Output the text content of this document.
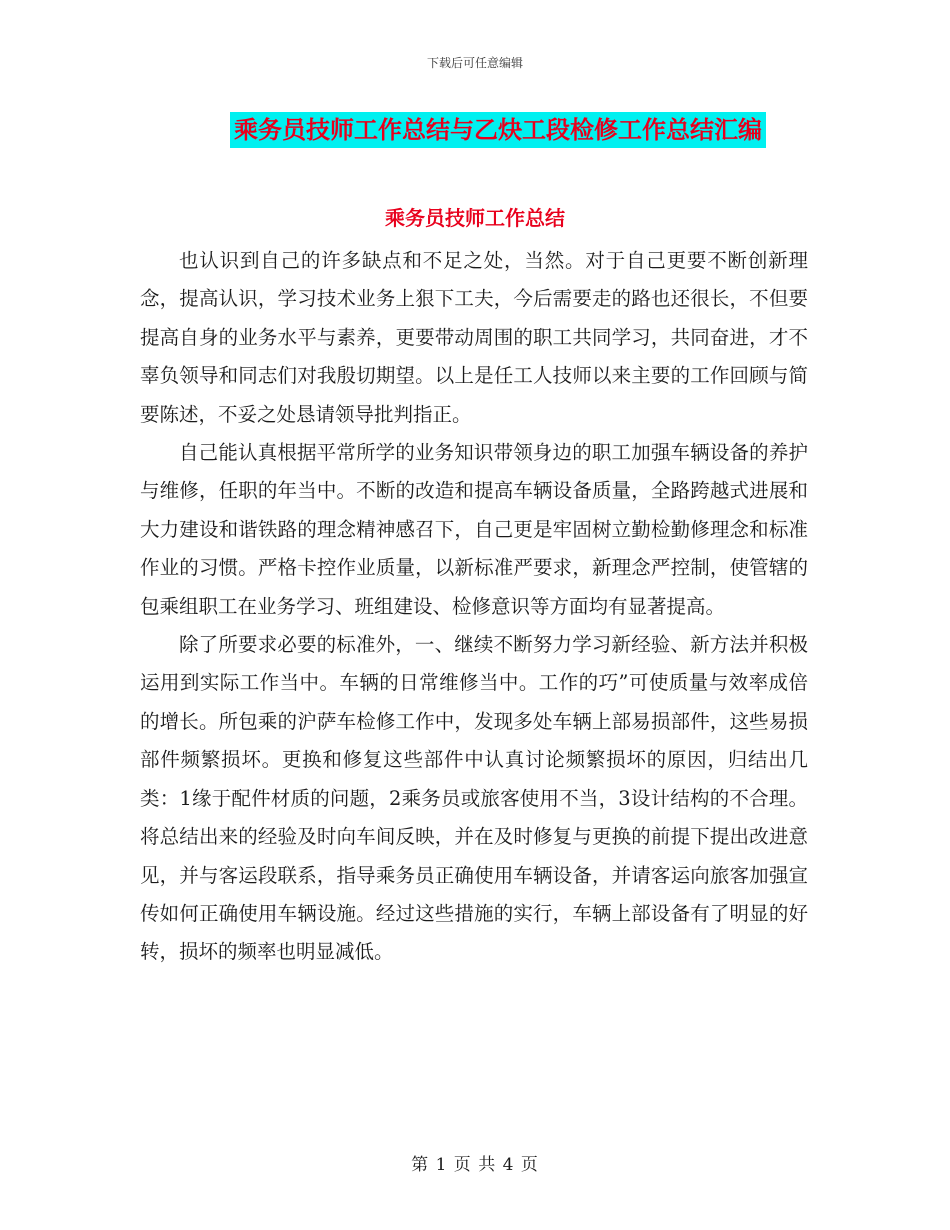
下载后可任意编辑
乘务员技师工作总结与乙炔工段检修工作总结汇编
乘务员技师工作总结

也认识到自己的许多缺点和不足之处，当然。对于自己更要不断创新理念，提高认识，学习技术业务上狠下工夫，今后需要走的路也还很长，不但要提高自身的业务水平与素养，更要带动周围的职工共同学习，共同奋进，才不辜负领导和同志们对我殷切期望。以上是任工人技师以来主要的工作回顾与简要陈述，不妥之处恳请领导批判指正。

自己能认真根据平常所学的业务知识带领身边的职工加强车辆设备的养护与维修，任职的年当中。不断的改造和提高车辆设备质量，全路跨越式进展和大力建设和谐铁路的理念精神感召下，自己更是牢固树立勤检勤修理念和标准作业的习惯。严格卡控作业质量，以新标准严要求，新理念严控制，使管辖的包乘组职工在业务学习、班组建设、检修意识等方面均有显著提高。

除了所要求必要的标准外，一、继续不断努力学习新经验、新方法并积极运用到实际工作当中。车辆的日常维修当中。工作的巧”可使质量与效率成倍的增长。所包乘的沪萨车检修工作中，发现多处车辆上部易损部件，这些易损部件频繁损坏。更换和修复这些部件中认真讨论频繁损坏的原因，归结出几类：1缘于配件材质的问题，2乘务员或旅客使用不当，3设计结构的不合理。将总结出来的经验及时向车间反映，并在及时修复与更换的前提下提出改进意见，并与客运段联系，指导乘务员正确使用车辆设备，并请客运向旅客加强宣传如何正确使用车辆设施。经过这些措施的实行，车辆上部设备有了明显的好转，损坏的频率也明显减低。

第 1 页 共 4 页
